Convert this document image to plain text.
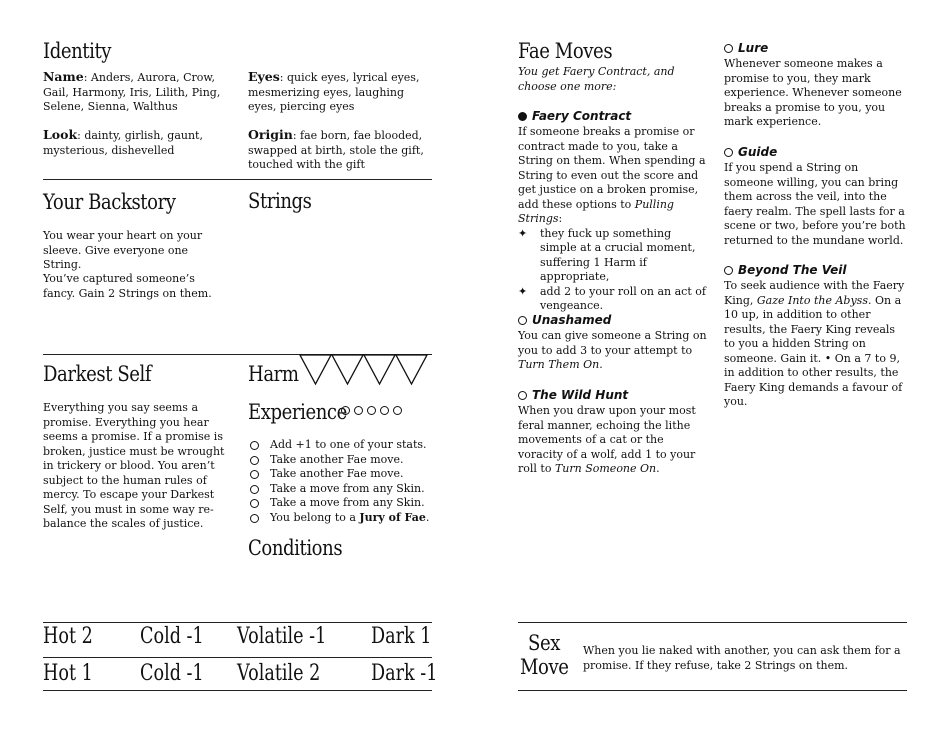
Identity
Name: Anders, Aurora, Crow, Gail, Harmony, Iris, Lilith, Ping, Selene, Sienna, Walthus
Look: dainty, girlish, gaunt, mysterious, dishevelled
Eyes: quick eyes, lyrical eyes, mesmerizing eyes, laughing eyes, piercing eyes
Origin: fae born, fae blooded, swapped at birth, stole the gift, touched with the gift
Your Backstory
You wear your heart on your sleeve. Give everyone one String.
You’ve captured someone’s fancy. Gain 2 Strings on them.
Strings
Darkest Self
Everything you say seems a promise. Everything you hear seems a promise. If a promise is broken, justice must be wrought in trickery or blood. You aren’t subject to the human rules of mercy. To escape your Darkest Self, you must in some way re-balance the scales of justice.
Harm
Experience
Add +1 to one of your stats.
Take another Fae move.
Take another Fae move.
Take a move from any Skin.
Take a move from any Skin.
You belong to a Jury of Fae.
Conditions
Hot 2 Cold -1 Volatile -1 Dark 1
Hot 1 Cold -1 Volatile 2 Dark -1
Fae Moves
You get Faery Contract, and choose one more:
Faery Contract
If someone breaks a promise or contract made to you, take a String on them. When spending a String to even out the score and get justice on a broken promise, add these options to Pulling Strings:
✦ they fuck up something simple at a crucial moment, suffering 1 Harm if appropriate,
✦ add 2 to your roll on an act of vengeance.
Unashamed
You can give someone a String on you to add 3 to your attempt to Turn Them On.
The Wild Hunt
When you draw upon your most feral manner, echoing the lithe movements of a cat or the voracity of a wolf, add 1 to your roll to Turn Someone On.
Lure
Whenever someone makes a promise to you, they mark experience. Whenever someone breaks a promise to you, you mark experience.
Guide
If you spend a String on someone willing, you can bring them across the veil, into the faery realm. The spell lasts for a scene or two, before you’re both returned to the mundane world.
Beyond The Veil
To seek audience with the Faery King, Gaze Into the Abyss. On a 10 up, in addition to other results, the Faery King reveals to you a hidden String on someone. Gain it. • On a 7 to 9, in addition to other results, the Faery King demands a favour of you.
Sex
Move
When you lie naked with another, you can ask them for a promise. If they refuse, take 2 Strings on them.
